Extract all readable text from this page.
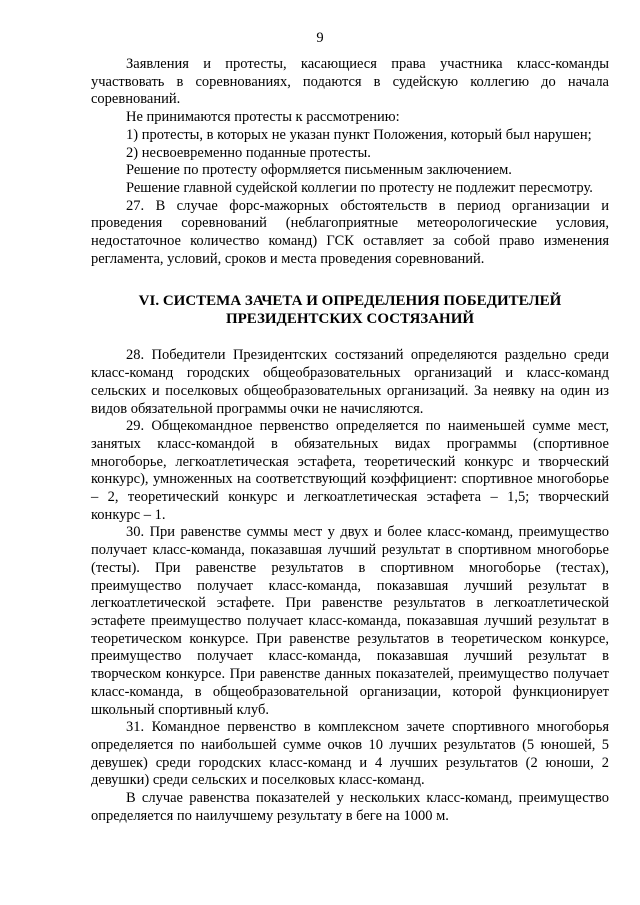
9

Заявления и протесты, касающиеся права участника класс-команды участвовать в соревнованиях, подаются в судейскую коллегию до начала соревнований.

Не принимаются протесты к рассмотрению:

1) протесты, в которых не указан пункт Положения, который был нарушен;

2) несвоевременно поданные протесты.

Решение по протесту оформляется письменным заключением.

Решение главной судейской коллегии по протесту не подлежит пересмотру.

27. В случае форс-мажорных обстоятельств в период организации и проведения соревнований (неблагоприятные метеорологические условия, недостаточное количество команд) ГСК оставляет за собой право изменения регламента, условий, сроков и места проведения соревнований.

VI. СИСТЕМА ЗАЧЕТА И ОПРЕДЕЛЕНИЯ ПОБЕДИТЕЛЕЙ
ПРЕЗИДЕНТСКИХ СОСТЯЗАНИЙ

28. Победители Президентских состязаний определяются раздельно среди класс-команд городских общеобразовательных организаций и класс-команд сельских и поселковых общеобразовательных организаций. За неявку на один из видов обязательной программы очки не начисляются.

29. Общекомандное первенство определяется по наименьшей сумме мест, занятых класс-командой в обязательных видах программы (спортивное многоборье, легкоатлетическая эстафета, теоретический конкурс и творческий конкурс), умноженных на соответствующий коэффициент: спортивное многоборье – 2, теоретический конкурс и легкоатлетическая эстафета – 1,5; творческий конкурс – 1.

30. При равенстве суммы мест у двух и более класс-команд, преимущество получает класс-команда, показавшая лучший результат в спортивном многоборье (тесты). При равенстве результатов в спортивном многоборье (тестах), преимущество получает класс-команда, показавшая лучший результат в легкоатлетической эстафете. При равенстве результатов в легкоатлетической эстафете преимущество получает класс-команда, показавшая лучший результат в теоретическом конкурсе. При равенстве результатов в теоретическом конкурсе, преимущество получает класс-команда, показавшая лучший результат в творческом конкурсе. При равенстве данных показателей, преимущество получает класс-команда, в общеобразовательной организации, которой функционирует школьный спортивный клуб.

31. Командное первенство в комплексном зачете спортивного многоборья определяется по наибольшей сумме очков 10 лучших результатов (5 юношей, 5 девушек) среди городских класс-команд и 4 лучших результатов (2 юноши, 2 девушки) среди сельских и поселковых класс-команд.

В случае равенства показателей у нескольких класс-команд, преимущество определяется по наилучшему результату в беге на 1000 м.
